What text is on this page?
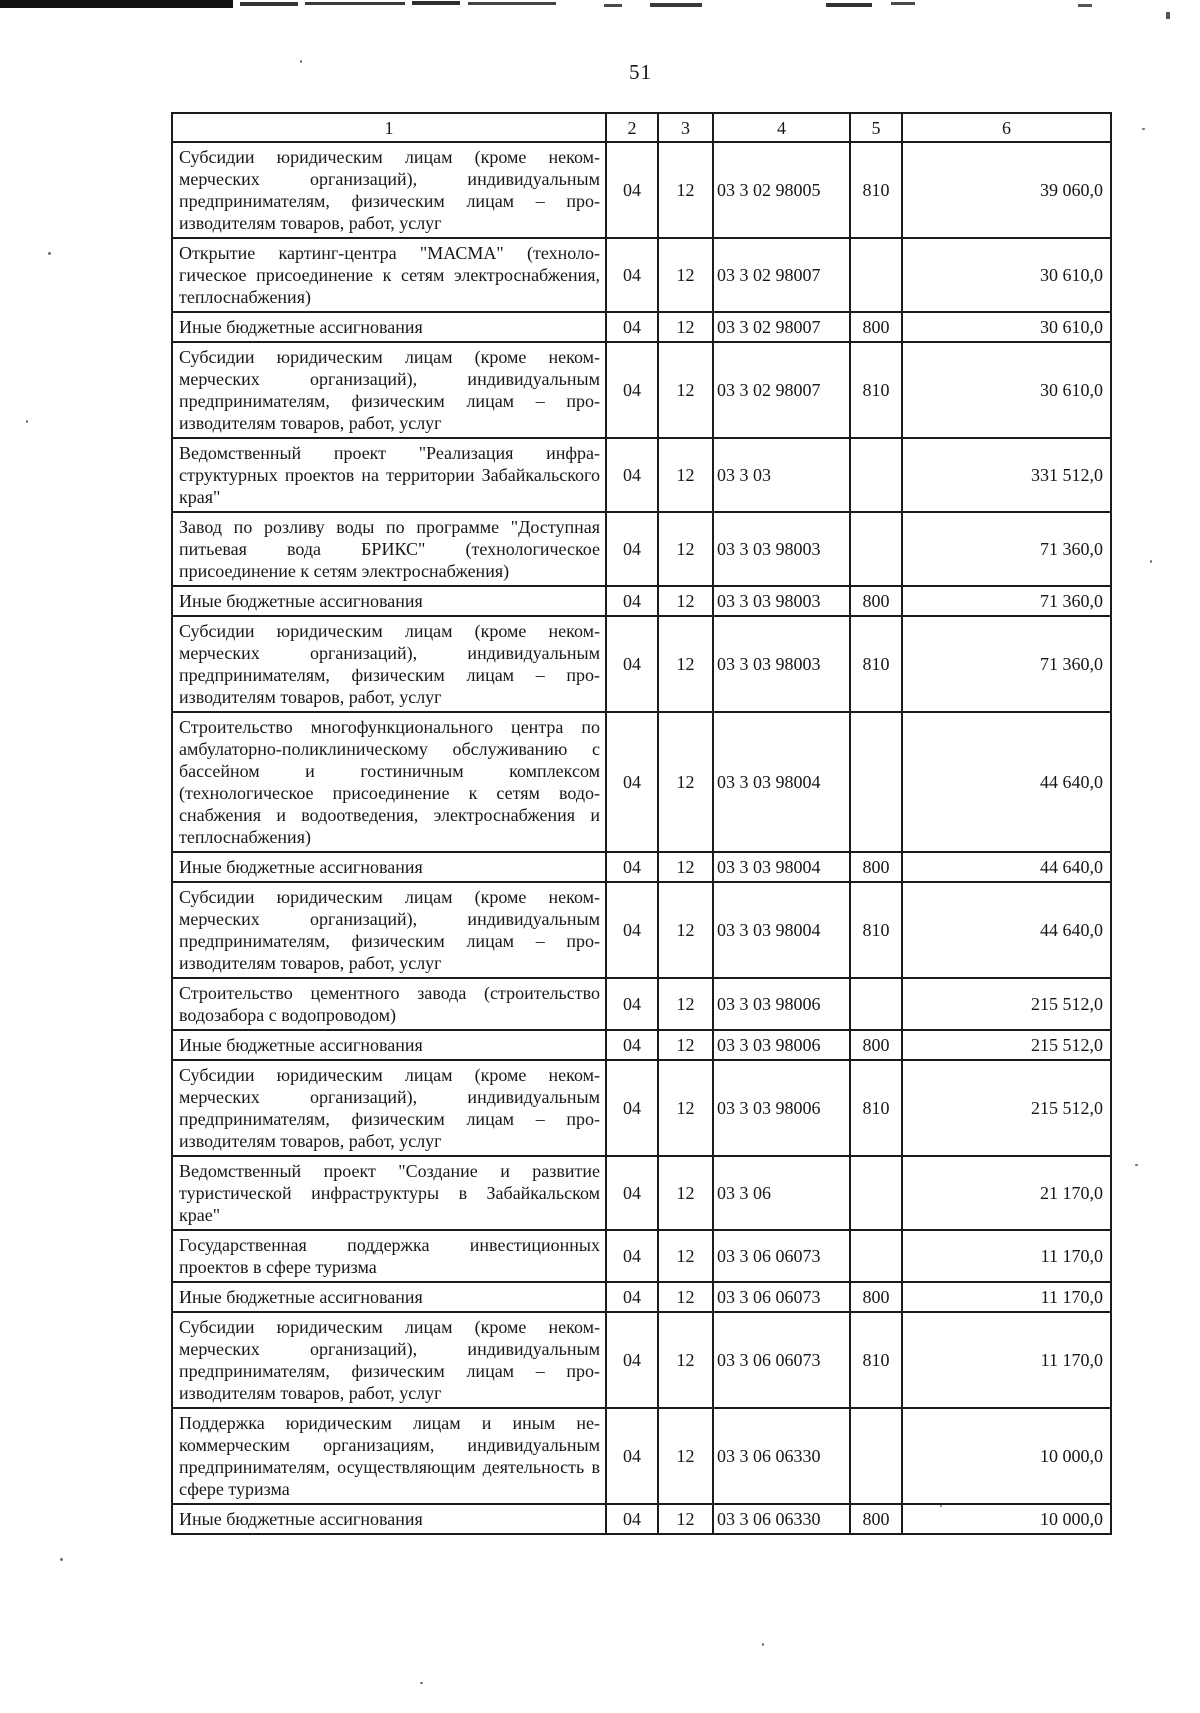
51
1	2	3	4	5	6
Субсидии юридическим лицам (кроме некоммерческих организаций), индивидуальным предпринимателям, физическим лицам – производителям товаров, работ, услуг	04	12	03 3 02 98005	810	39 060,0
Открытие картинг-центра "МАСМА" (технологическое присоединение к сетям электроснабжения, теплоснабжения)	04	12	03 3 02 98007		30 610,0
Иные бюджетные ассигнования	04	12	03 3 02 98007	800	30 610,0
Субсидии юридическим лицам (кроме некоммерческих организаций), индивидуальным предпринимателям, физическим лицам – производителям товаров, работ, услуг	04	12	03 3 02 98007	810	30 610,0
Ведомственный проект "Реализация инфраструктурных проектов на территории Забайкальского края"	04	12	03 3 03		331 512,0
Завод по розливу воды по программе "Доступная питьевая вода БРИКС" (технологическое присоединение к сетям электроснабжения)	04	12	03 3 03 98003		71 360,0
Иные бюджетные ассигнования	04	12	03 3 03 98003	800	71 360,0
Субсидии юридическим лицам (кроме некоммерческих организаций), индивидуальным предпринимателям, физическим лицам – производителям товаров, работ, услуг	04	12	03 3 03 98003	810	71 360,0
Строительство многофункционального центра по амбулаторно-поликлиническому обслуживанию с бассейном и гостиничным комплексом (технологическое присоединение к сетям водоснабжения и водоотведения, электроснабжения и теплоснабжения)	04	12	03 3 03 98004		44 640,0
Иные бюджетные ассигнования	04	12	03 3 03 98004	800	44 640,0
Субсидии юридическим лицам (кроме некоммерческих организаций), индивидуальным предпринимателям, физическим лицам – производителям товаров, работ, услуг	04	12	03 3 03 98004	810	44 640,0
Строительство цементного завода (строительство водозабора с водопроводом)	04	12	03 3 03 98006		215 512,0
Иные бюджетные ассигнования	04	12	03 3 03 98006	800	215 512,0
Субсидии юридическим лицам (кроме некоммерческих организаций), индивидуальным предпринимателям, физическим лицам – производителям товаров, работ, услуг	04	12	03 3 03 98006	810	215 512,0
Ведомственный проект "Создание и развитие туристической инфраструктуры в Забайкальском крае"	04	12	03 3 06		21 170,0
Государственная поддержка инвестиционных проектов в сфере туризма	04	12	03 3 06 06073		11 170,0
Иные бюджетные ассигнования	04	12	03 3 06 06073	800	11 170,0
Субсидии юридическим лицам (кроме некоммерческих организаций), индивидуальным предпринимателям, физическим лицам – производителям товаров, работ, услуг	04	12	03 3 06 06073	810	11 170,0
Поддержка юридическим лицам и иным некоммерческим организациям, индивидуальным предпринимателям, осуществляющим деятельность в сфере туризма	04	12	03 3 06 06330		10 000,0
Иные бюджетные ассигнования	04	12	03 3 06 06330	800	10 000,0
